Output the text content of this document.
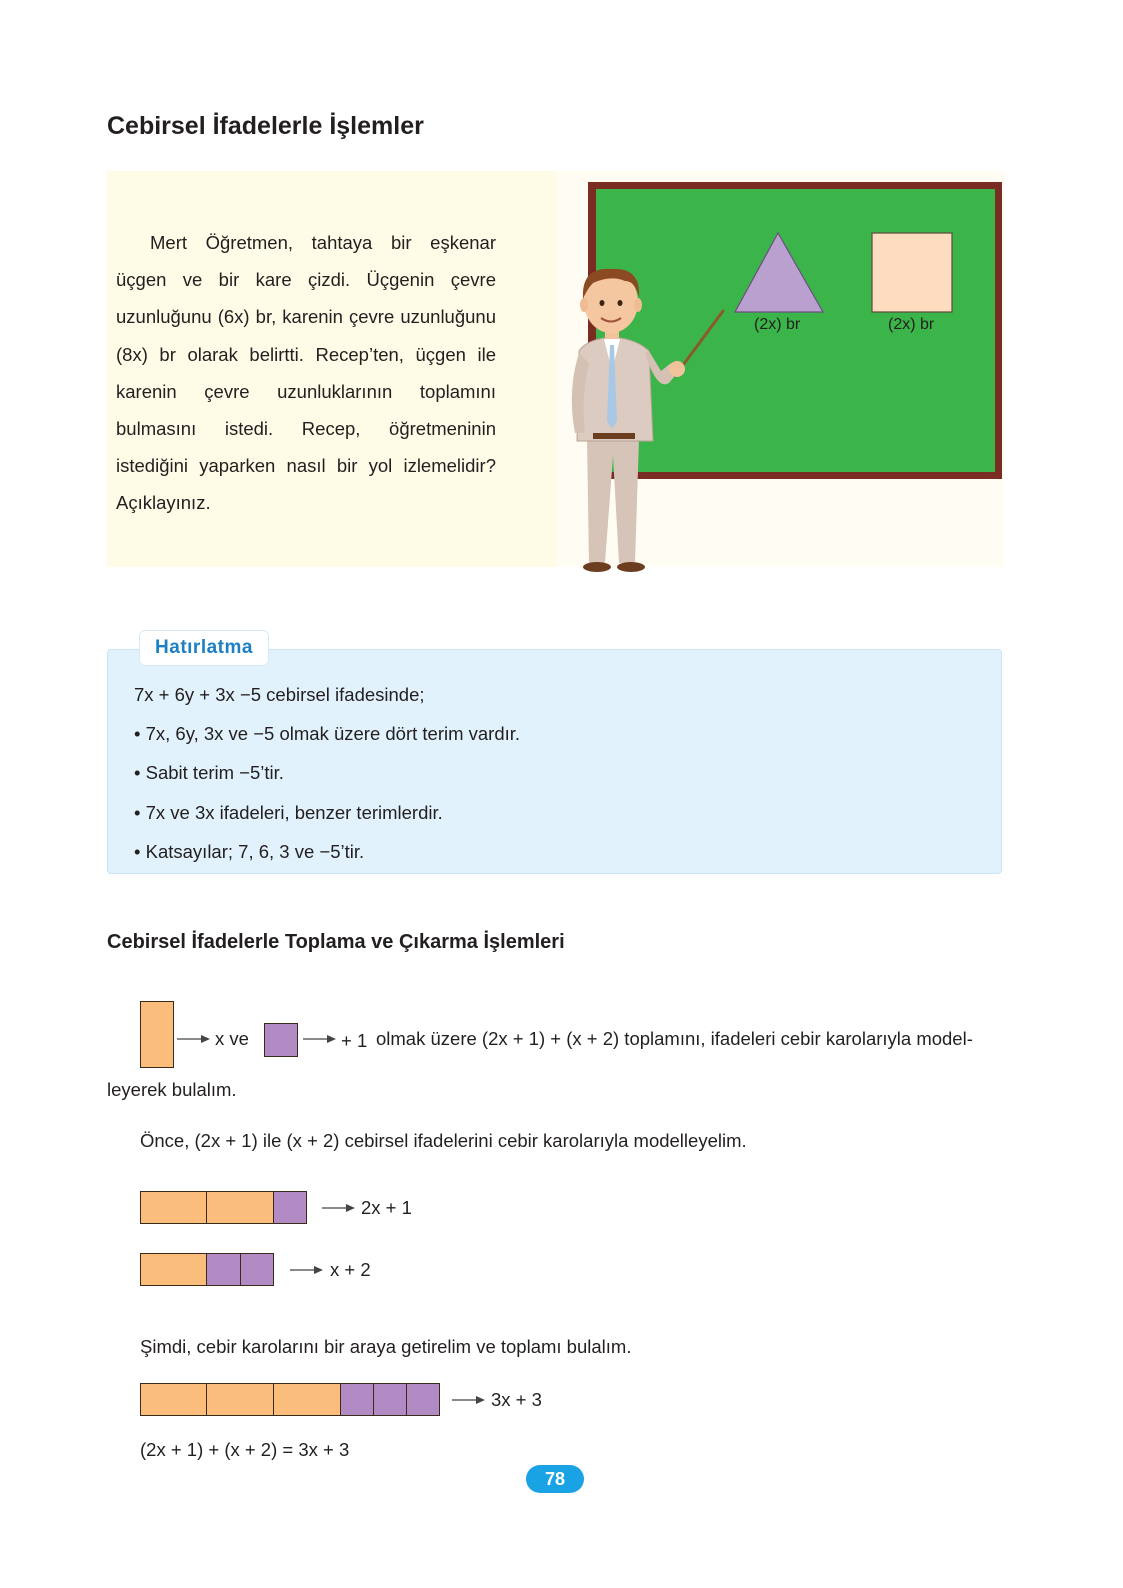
Cebirsel İfadelerle İşlemler

Mert Öğretmen, tahtaya bir eşkenar üçgen ve bir kare çizdi. Üçgenin çevre uzunluğunu (6x) br, karenin çevre uzunluğunu (8x) br olarak belirtti. Recep’ten, üçgen ile karenin çevre uzunluklarının toplamını bulmasını istedi. Recep, öğretmeninin istediğini yaparken nasıl bir yol izlemelidir? Açıklayınız.

(2x) br	(2x) br
Hatırlatma
7x + 6y + 3x −5 cebirsel ifadesinde;
• 7x, 6y, 3x ve −5 olmak üzere dört terim vardır.
• Sabit terim −5’tir.
• 7x ve 3x ifadeleri, benzer terimlerdir.
• Katsayılar; 7, 6, 3 ve −5’tir.
Cebirsel İfadelerle Toplama ve Çıkarma İşlemleri
x ve	+ 1 olmak üzere (2x + 1) + (x + 2) toplamını, ifadeleri cebir karolarıyla model-
leyerek bulalım.
Önce, (2x + 1) ile (x + 2) cebirsel ifadelerini cebir karolarıyla modelleyelim.
2x + 1
x + 2
Şimdi, cebir karolarını bir araya getirelim ve toplamı bulalım.
3x + 3
(2x + 1) + (x + 2) = 3x + 3
78
